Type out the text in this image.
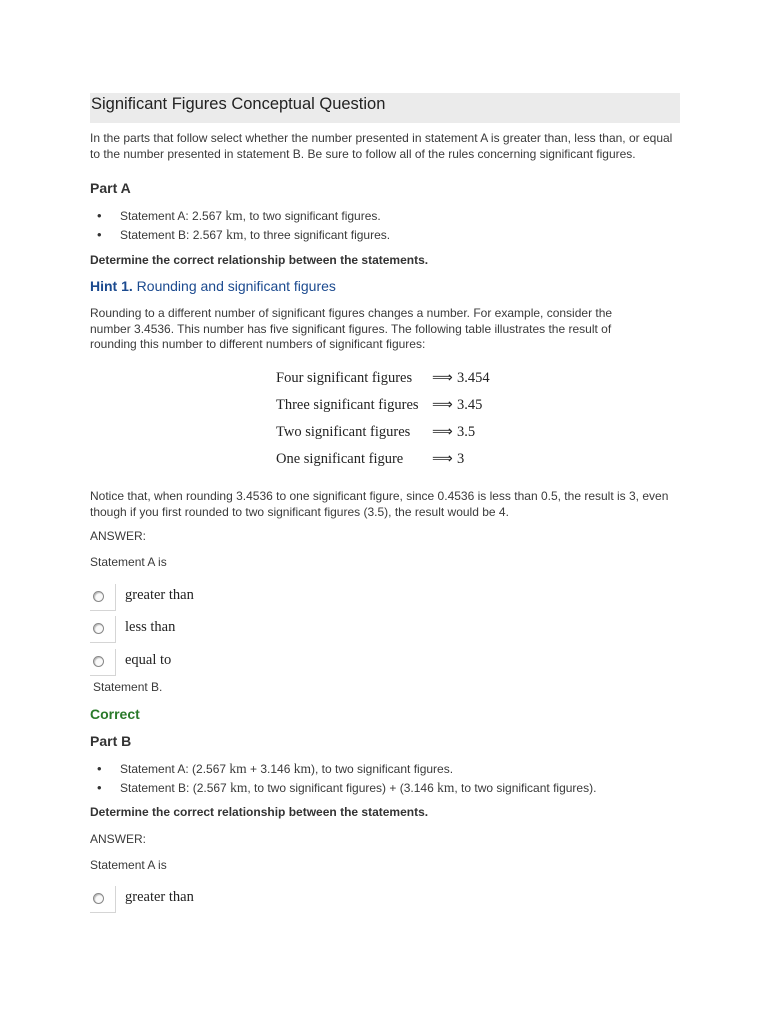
Significant Figures Conceptual Question
In the parts that follow select whether the number presented in statement A is greater than, less than, or equal to the number presented in statement B. Be sure to follow all of the rules concerning significant figures.
Part A
• Statement A: 2.567 km, to two significant figures.
• Statement B: 2.567 km, to three significant figures.
Determine the correct relationship between the statements.
Hint 1. Rounding and significant figures
Rounding to a different number of significant figures changes a number. For example, consider the number 3.4536. This number has five significant figures. The following table illustrates the result of rounding this number to different numbers of significant figures:
Four significant figures	⟹	3.454
Three significant figures	⟹	3.45
Two significant figures	⟹	3.5
One significant figure	⟹	3
Notice that, when rounding 3.4536 to one significant figure, since 0.4536 is less than 0.5, the result is 3, even though if you first rounded to two significant figures (3.5), the result would be 4.
ANSWER:
Statement A is
greater than
less than
equal to
Statement B.
Correct
Part B
• Statement A: (2.567 km + 3.146 km), to two significant figures.
• Statement B: (2.567 km, to two significant figures) + (3.146 km, to two significant figures).
Determine the correct relationship between the statements.
ANSWER:
Statement A is
greater than
